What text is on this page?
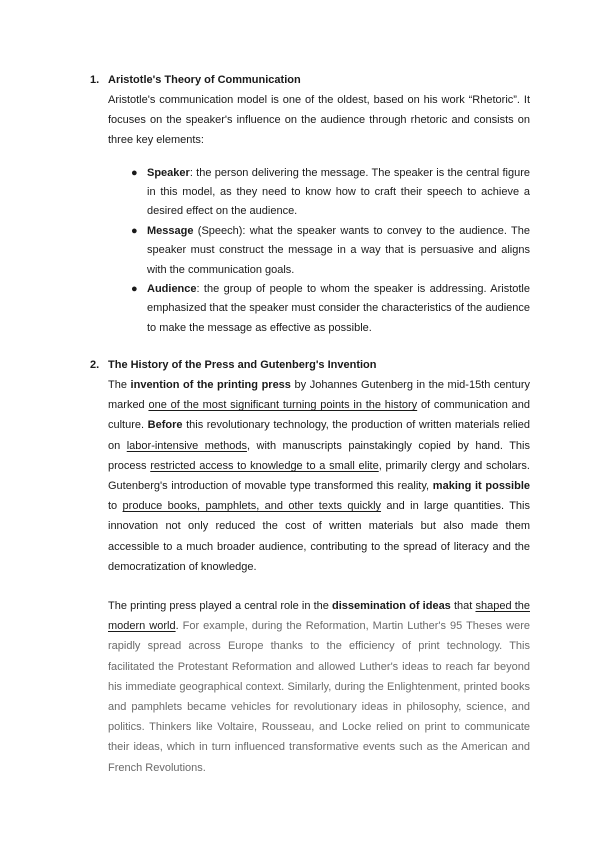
1. Aristotle's Theory of Communication

Aristotle's communication model is one of the oldest, based on his work “Rhetoric”. It focuses on the speaker's influence on the audience through rhetoric and consists on three key elements:

● Speaker: the person delivering the message. The speaker is the central figure in this model, as they need to know how to craft their speech to achieve a desired effect on the audience.
● Message (Speech): what the speaker wants to convey to the audience. The speaker must construct the message in a way that is persuasive and aligns with the communication goals.
● Audience: the group of people to whom the speaker is addressing. Aristotle emphasized that the speaker must consider the characteristics of the audience to make the message as effective as possible.
2. The History of the Press and Gutenberg's Invention

The invention of the printing press by Johannes Gutenberg in the mid-15th century marked one of the most significant turning points in the history of communication and culture. Before this revolutionary technology, the production of written materials relied on labor-intensive methods, with manuscripts painstakingly copied by hand. This process restricted access to knowledge to a small elite, primarily clergy and scholars. Gutenberg's introduction of movable type transformed this reality, making it possible to produce books, pamphlets, and other texts quickly and in large quantities. This innovation not only reduced the cost of written materials but also made them accessible to a much broader audience, contributing to the spread of literacy and the democratization of knowledge.

The printing press played a central role in the dissemination of ideas that shaped the modern world. For example, during the Reformation, Martin Luther's 95 Theses were rapidly spread across Europe thanks to the efficiency of print technology. This facilitated the Protestant Reformation and allowed Luther's ideas to reach far beyond his immediate geographical context. Similarly, during the Enlightenment, printed books and pamphlets became vehicles for revolutionary ideas in philosophy, science, and politics. Thinkers like Voltaire, Rousseau, and Locke relied on print to communicate their ideas, which in turn influenced transformative events such as the American and French Revolutions.
